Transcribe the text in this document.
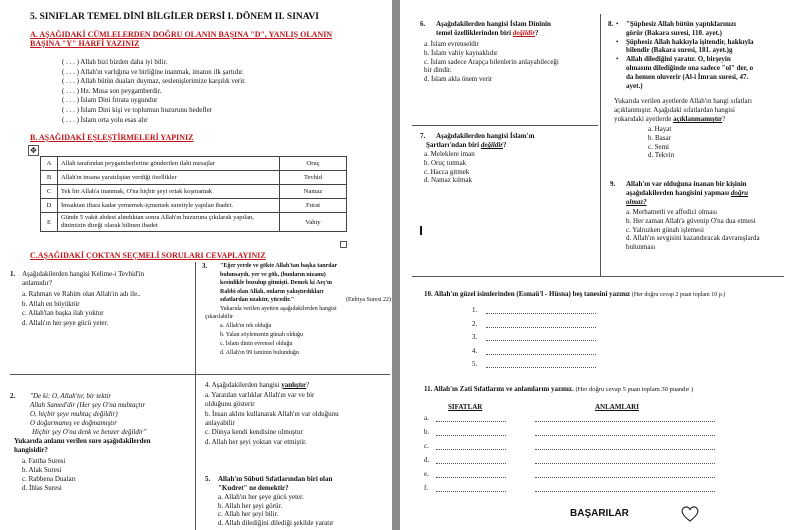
5. SINIFLAR TEMEL DİNİ BİLGİLER DERSİ I. DÖNEM II. SINAVI
A. AŞAĞIDAKİ CÜMLELERDEN DOĞRU OLANIN BAŞINA "D", YANLIŞ OLANIN
BAŞINA "Y" HARFİ YAZINIZ
( . . . ) Allah bizi bizden daha iyi bilir.
( . . . ) Allah'ın varlığına ve birliğine inanmak, imanın ilk şartıdır.
( . . . ) Allah bütün duaları duymaz, seslenişlerimize karşılık verir.
( . . . ) Hz. Musa son peygamberdir.
( . . . ) İslam Dini fıtrata uygundur
( . . . ) İslam Dini kişi ve toplumun huzurunu hedefler
( . . . ) İslam orta yolu esas alır
B. AŞAĞIDAKİ EŞLEŞTİRMELERİ YAPINIZ
✥
A	Allah tarafından peygamberlerine gönderilen ilahi mesajlar	Oruç
B	Allah'ın insana yaratılıştan verdiği özellikler	Tevhid
C	Tek bir Allah'a inanmak, O'na hiçbir şeyi ortak koşmamak	Namaz
D	İmsaktan iftara kadar yememek-içmemek suretiyle yapılan ibadet.	Fıtrat
E	Günde 5 vakit abdest alındıktan sonra Allah'ın huzuruna çıkılarak yapılan, dinimizin direği olarak bilinen ibadet	Vahiy
C.AŞAĞIDAKİ ÇOKTAN SEÇMELİ SORULARI CEVAPLAYINIZ
1. Aşağıdakilerden hangisi Kelime-i Tevhid'in
anlamıdır?
a. Rahman ve Rahim olan Allah'ın adı ile..
b. Allah en büyüktür
c. Allah'tan başka ilah yoktur
d. Allah'ın her şeye gücü yeter.
2. "De ki: O, Allah'tır, bir tektir
Allah Samed'dir (Her şey O'na muhtaçtır
O, hiçbir şeye muhtaç değildir)
O doğurmamış ve doğmamıştır
Hiçbir şey O'na denk ve benzer değildir"
Yukarıda anlamı verilen sure aşağıdakilerden
hangisidir?
a. Fatiha Suresi
b. Alak Suresi
c. Rabbena Duaları
d. İhlas Suresi
3. "Eğer yerde ve gökte Allah'tan başka tanrılar
bulunsaydı, yer ve gök, (bunların nizamı)
kesinlikle bozulup gitmişti. Demek ki Arş'ın
Rabbi olan Allah, onların yakıştırdıkları
sıfatlardan uzaktır, yücedir."	(Enbiya Suresi 22)
Yukarıda verilen ayetten aşağıdakilerden hangisi
çıkarılabilir
a. Allah'ın tek olduğu
b. Yalan söylemenin günah olduğu
c. İslam dinin evrensel olduğu
d. Allah'ın 99 isminin bulunduğu
4. Aşağıdakilerden hangisi yanlıştır?
a. Yaratılan varlıklar Allah'ın var ve bir
olduğunu gösterir
b. İnsan aklını kullanarak Allah'ın var olduğunu
anlayabilir
c. Dünya kendi kendisine olmuştur
d. Allah her şeyi yoktan var etmiştir.
5. Allah'ın Sübuti Sıfatlarından biri olan
"Kudret" ne demektir?
a. Allah'ın her şeye gücü yeter.
b. Allah her şeyi görür.
c. Allah her şeyi bilir.
d. Allah dilediğini dilediği şekilde yaratır
6. Aşağıdakilerden hangisi İslam Dininin
temel özelliklerinden biri değildir?
a. İslam evrenseldir
b. İslam vahiy kaynaklıdır
c. İslam sadece Arapça bilenlerin anlayabileceği
bir dindir.
d. İslam akla önem verir
7. Aşağıdakilerden hangisi İslam'ın
Şartları'ndan biri değildir?
a. Meleklere iman
b. Oruç tutmak
c. Hacca gitmek
d. Namaz kılmak
8. "Şüphesiz Allah bütün yaptıklarınızı
•
görür (Bakara suresi, 110. ayet.)
Şüphesiz Allah hakkıyla işitendir, hakkıyla
•
bilendir (Bakara suresi, 181. ayet.)g
Allah dilediğini yaratır. O, birşeyin
•
olmasını dilediğinde ona sadece "ol" der, o
da hemen oluverir (Al-i İmran suresi, 47.
ayet.)
Yukarıda verilen ayetlerde Allah'ın hangi sıfatları
açıklanmıştır. Aşağıdaki sıfatlardan hangisi
yukarıdaki ayetlerde açıklanmamıştır?
a. Hayat
b. Basar
c. Semi
d. Tekvin
9. Allah'ın var olduğuna inanan bir kişinin
aşağıdakilerden hangisini yapması doğru
olmaz?
a. Merhametli ve affedici olması
b. Her zaman Allah'a güvenip O'na dua etmesi
c. Yalnızken günah işlemesi
d. Allah'ın sevgisini kazandıracak davranışlarda
bulunması
10. Allah'ın güzel isimlerinden (Esmaü'l - Hüsna) beş tanesini yazınız (Her doğru cevap 2 puan toplam 10 p.)
1.
2.
3.
4.
5.
11. Allah'ın Zati Sıfatlarını ve anlamlarını yazınız. (Her doğru cevap 5 puan toplam 30 puandır )
SIFATLAR	ANLAMLARI
a.
b.
c.
d.
e.
f.
BAŞARILAR
